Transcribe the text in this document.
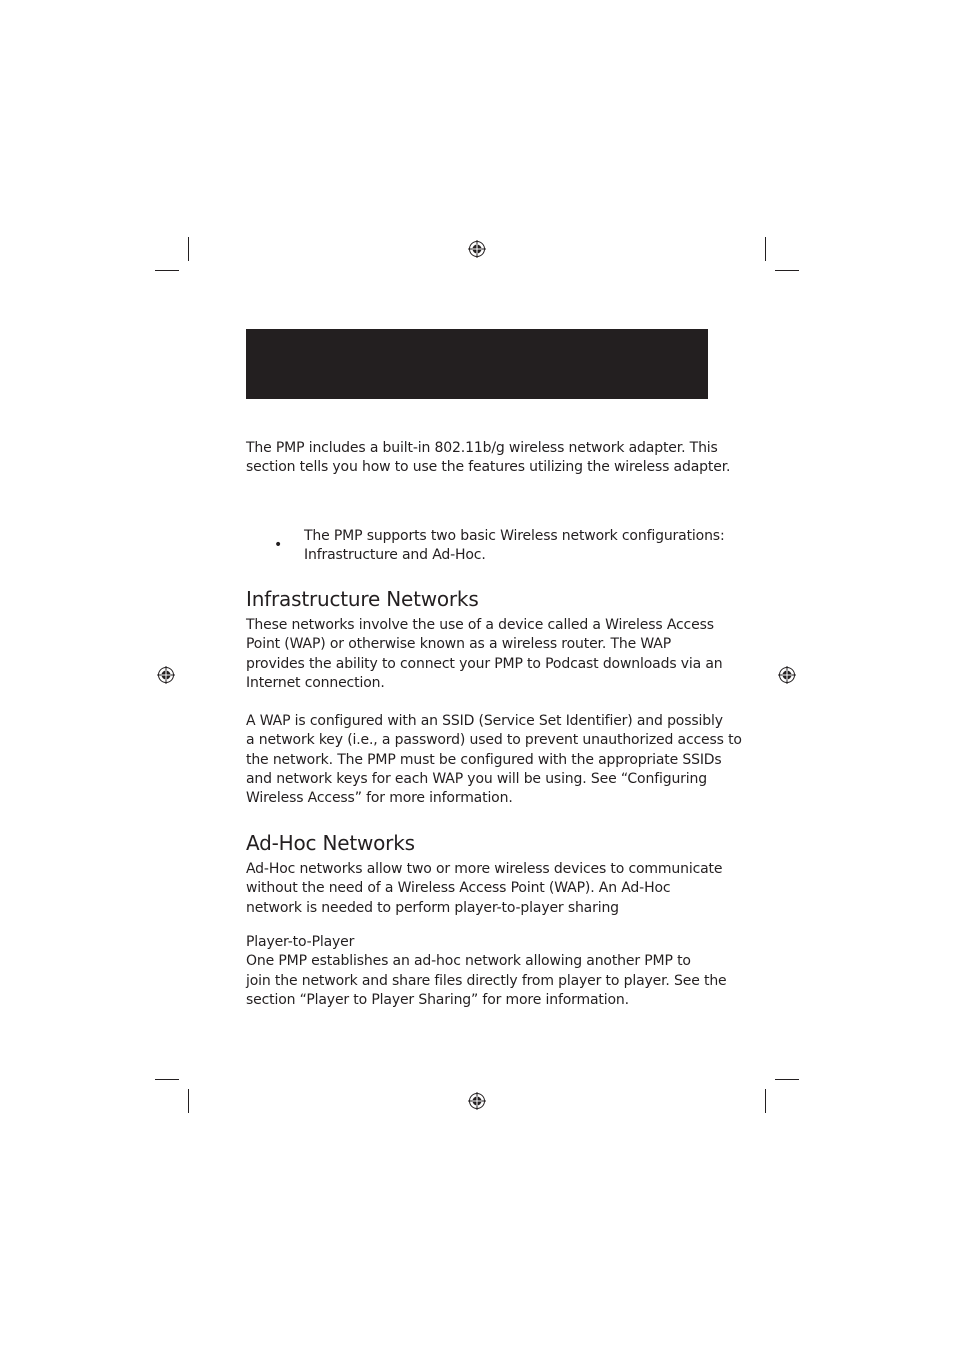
The PMP includes a built-in 802.11b/g wireless network adapter. This
section tells you how to use the features utilizing the wireless adapter.

•
The PMP supports two basic Wireless network configurations:
Infrastructure and Ad-Hoc.
Infrastructure Networks

These networks involve the use of a device called a Wireless Access
Point (WAP) or otherwise known as a wireless router. The WAP
provides the ability to connect your PMP to Podcast downloads via an
Internet connection.

A WAP is configured with an SSID (Service Set Identifier) and possibly
a network key (i.e., a password) used to prevent unauthorized access to
the network. The PMP must be configured with the appropriate SSIDs
and network keys for each WAP you will be using. See “Configuring
Wireless Access” for more information.

Ad-Hoc Networks

Ad-Hoc networks allow two or more wireless devices to communicate
without the need of a Wireless Access Point (WAP). An Ad-Hoc
network is needed to perform player-to-player sharing

Player-to-Player
One PMP establishes an ad-hoc network allowing another PMP to
join the network and share files directly from player to player. See the
section “Player to Player Sharing” for more information.
